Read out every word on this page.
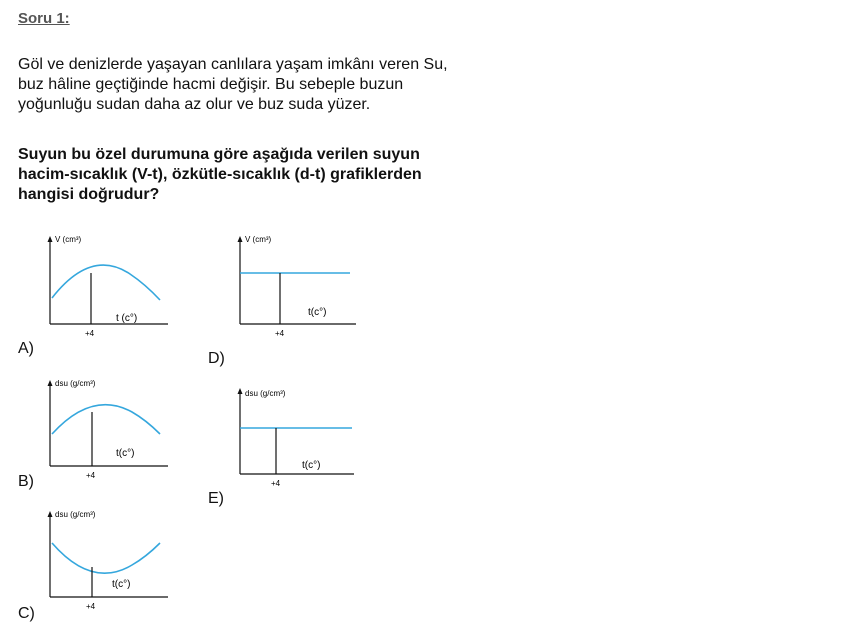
Soru 1:
Göl ve denizlerde yaşayan canlılara yaşam imkânı veren Su,
buz hâline geçtiğinde hacmi değişir. Bu sebeple buzun
yoğunluğu sudan daha az olur ve buz suda yüzer.
Suyun bu özel durumuna göre aşağıda verilen suyun
hacim-sıcaklık (V-t), özkütle-sıcaklık (d-t) grafiklerden
hangisi doğrudur?
V (cm³)
+4
t (c°)
A)
dsu (g/cm³)
+4
t(c°)
B)
dsu (g/cm³)
+4
t(c°)
C)
V (cm³)
+4
t(c°)
D)
dsu (g/cm³)
+4
t(c°)
E)
